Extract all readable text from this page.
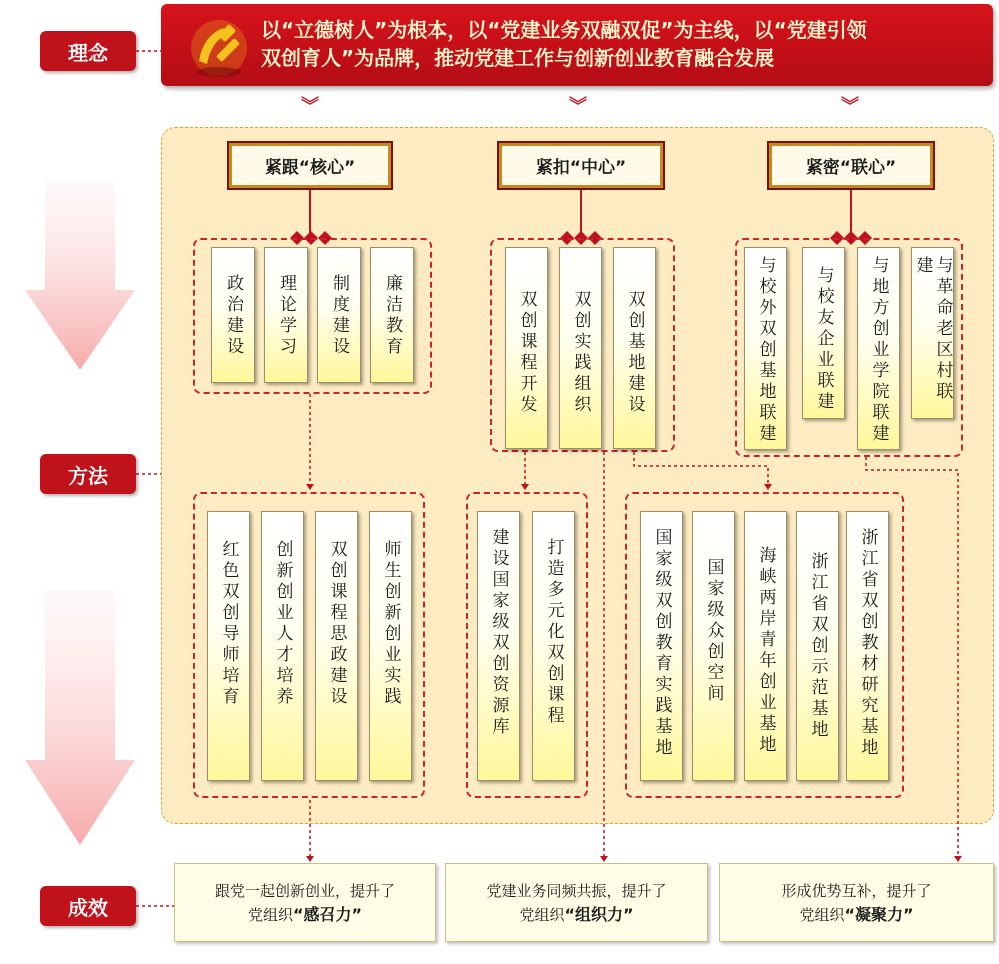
理念
方法
成效
以“立德树人”为根本，以“党建业务双融双促”为主线，以“党建引领
双创育人”为品牌，推动党建工作与创新创业教育融合发展
︾	︾	︾
紧跟“核心”	紧扣“中心”	紧密“联心”
政治建设 理论学习 制度建设 廉洁教育	双创课程开发 双创实践组织 双创基地建设	与校外双创基地联建 与校友企业联建 与地方创业学院联建	与革命老区村联建
红色双创导师培育 创新创业人才培养 双创课程思政建设 师生创新创业实践	建设国家级双创资源库 打造多元化双创课程	国家级双创教育实践基地 国家级众创空间 海峡两岸青年创业基地 浙江省双创示范基地 浙江省双创教材研究基地
跟党一起创新创业，提升了
党组织“感召力”
党建业务同频共振，提升了
党组织“组织力”
形成优势互补，提升了
党组织“凝聚力”
